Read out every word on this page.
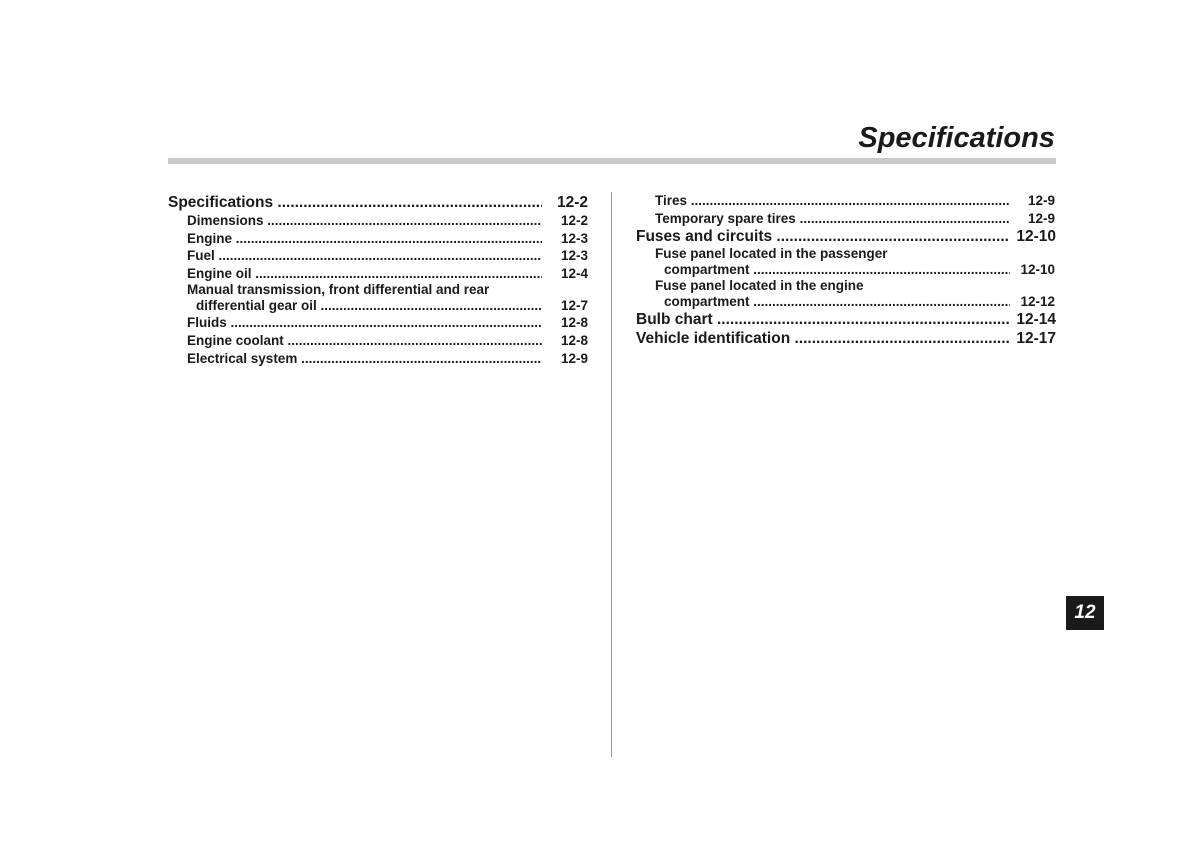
Specifications
12
Specifications .....	12-2
Dimensions .....	12-2
Engine .....	12-3
Fuel .....	12-3
Engine oil .....	12-4
Manual transmission, front differential and rear
differential gear oil .....	12-7
Fluids .....	12-8
Engine coolant .....	12-8
Electrical system .....	12-9
Tires .....	12-9
Temporary spare tires .....	12-9
Fuses and circuits .....	12-10
Fuse panel located in the passenger
compartment .....	12-10
Fuse panel located in the engine
compartment .....	12-12
Bulb chart .....	12-14
Vehicle identification .....	12-17
